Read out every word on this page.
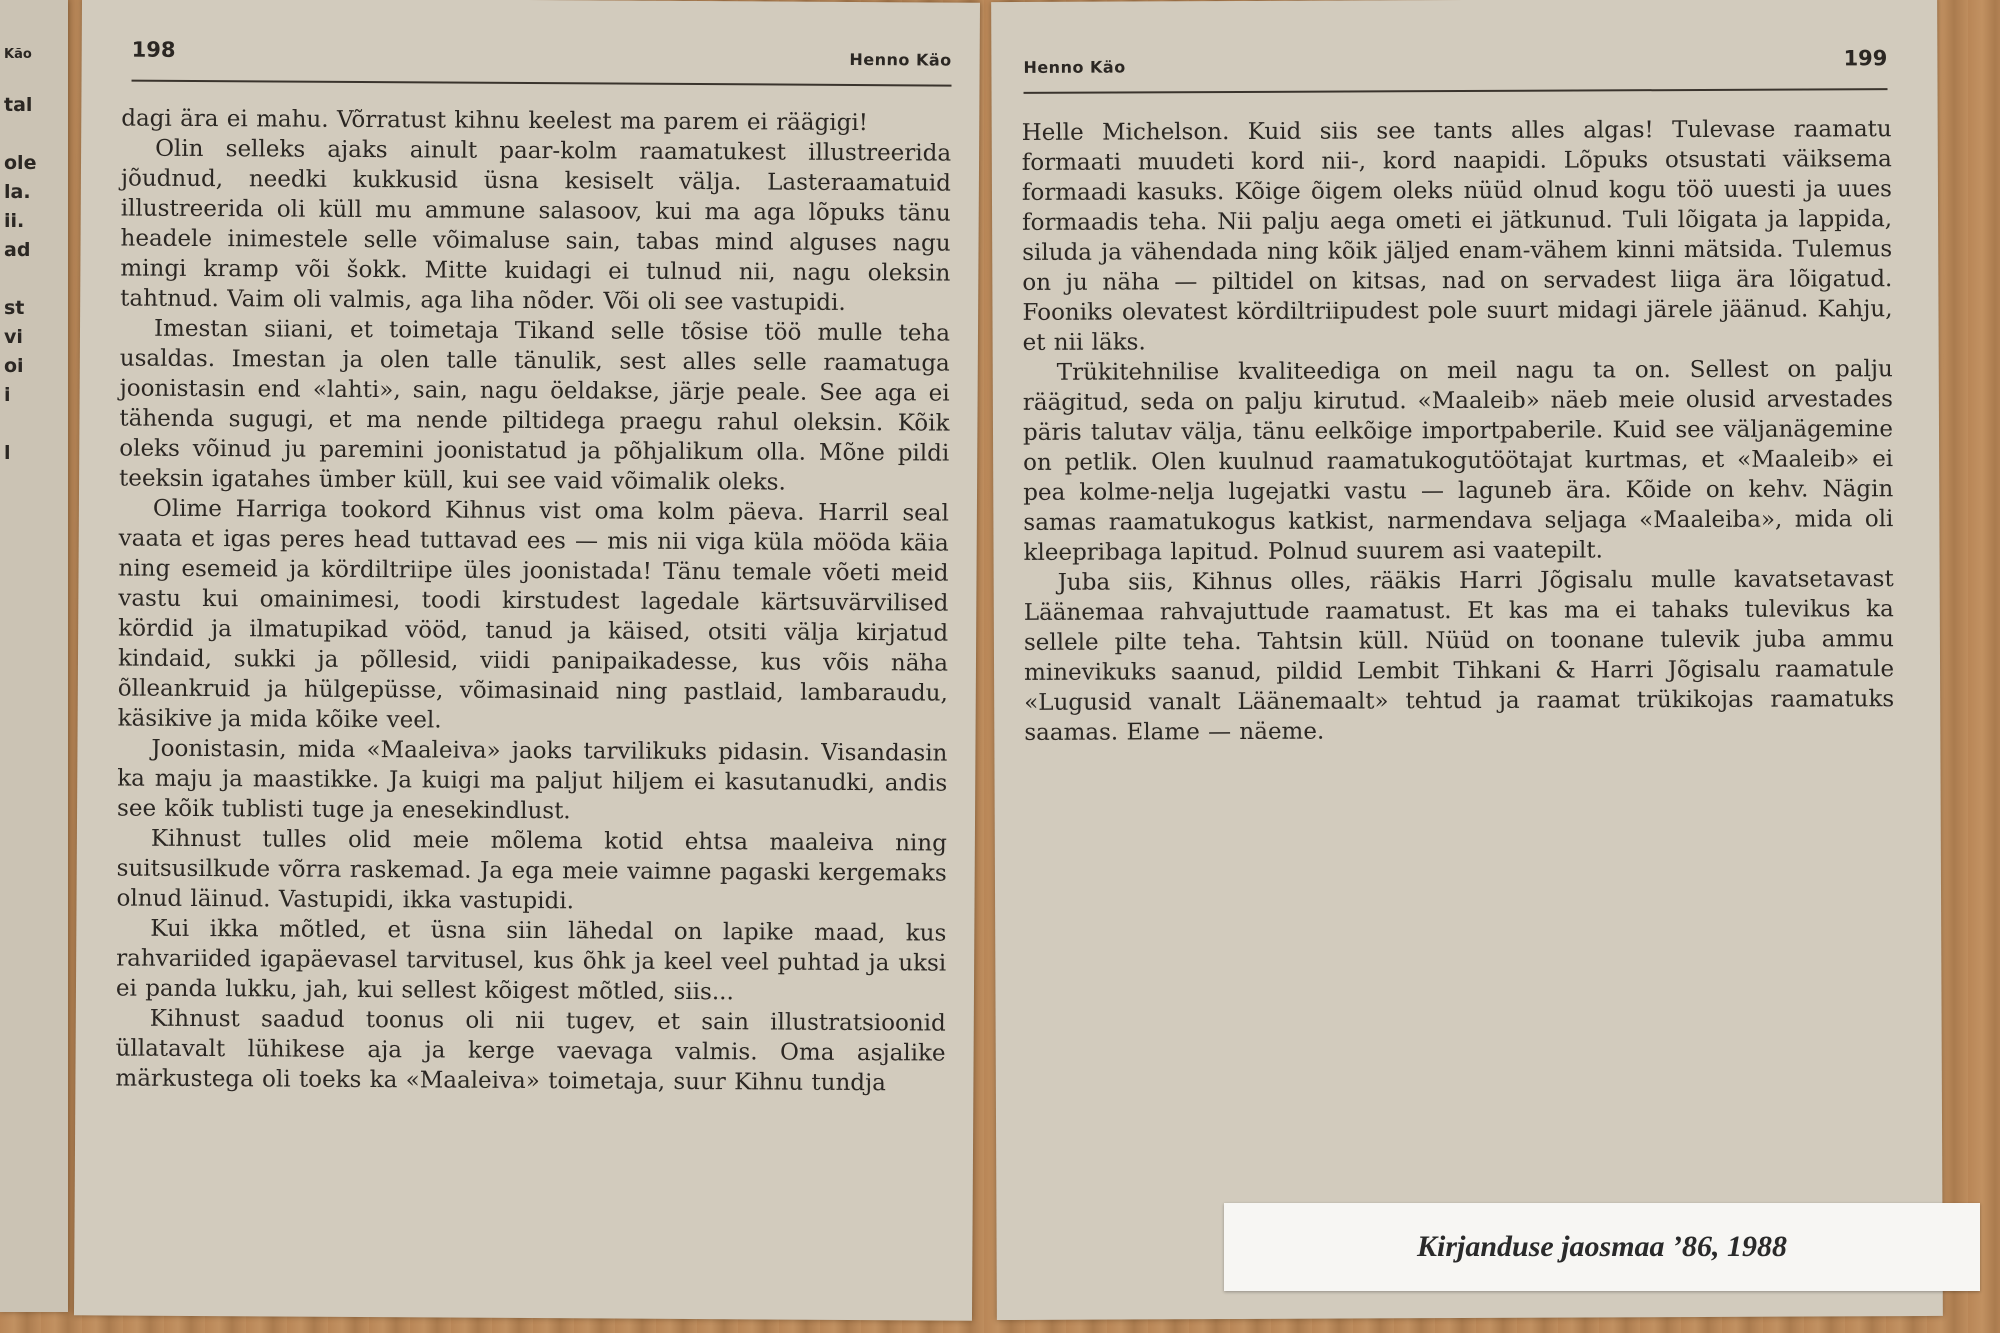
Kão
tal

ole
la.
ii.
ad

st
vi
oi
i

l
198	Henno Käo

dagi ära ei mahu. Võrratust kihnu keelest ma parem ei räägigi!

Olin selleks ajaks ainult paar-kolm raamatukest illustreerida jõudnud, needki kukkusid üsna kesiselt välja. Lasteraamatuid illustreerida oli küll mu ammune salasoov, kui ma aga lõpuks tänu headele inimestele selle võimaluse sain, tabas mind alguses nagu mingi kramp või šokk. Mitte kuidagi ei tulnud nii, nagu oleksin tahtnud. Vaim oli valmis, aga liha nõder. Või oli see vastupidi.

Imestan siiani, et toimetaja Tikand selle tõsise töö mulle teha usaldas. Imestan ja olen talle tänulik, sest alles selle raamatuga joonistasin end «lahti», sain, nagu öeldakse, järje peale. See aga ei tähenda sugugi, et ma nende piltidega praegu rahul oleksin. Kõik oleks võinud ju paremini joonistatud ja põhjalikum olla. Mõne pildi teeksin igatahes ümber küll, kui see vaid võimalik oleks.

Olime Harriga tookord Kihnus vist oma kolm päeva. Harril seal vaata et igas peres head tuttavad ees — mis nii viga küla mööda käia ning esemeid ja kördiltriipe üles joonistada! Tänu temale võeti meid vastu kui omainimesi, toodi kirstudest lagedale kärtsuvärvilised kördid ja ilmatupikad vööd, tanud ja käised, otsiti välja kirjatud kindaid, sukki ja põllesid, viidi panipaikadesse, kus võis näha õlleankruid ja hülgepüsse, võimasinaid ning pastlaid, lambaraudu, käsikive ja mida kõike veel.

Joonistasin, mida «Maaleiva» jaoks tarvilikuks pidasin. Visandasin ka maju ja maastikke. Ja kuigi ma paljut hiljem ei kasutanudki, andis see kõik tublisti tuge ja enesekindlust.

Kihnust tulles olid meie mõlema kotid ehtsa maaleiva ning suitsusilkude võrra raskemad. Ja ega meie vaimne pagaski kergemaks olnud läinud. Vastupidi, ikka vastupidi.

Kui ikka mõtled, et üsna siin lähedal on lapike maad, kus rahvariided igapäevasel tarvitusel, kus õhk ja keel veel puhtad ja uksi ei panda lukku, jah, kui sellest kõigest mõtled, siis...

Kihnust saadud toonus oli nii tugev, et sain illustratsioonid üllatavalt lühikese aja ja kerge vaevaga valmis. Oma asjalike märkustega oli toeks ka «Maaleiva» toimetaja, suur Kihnu tundja

Henno Käo	199

Helle Michelson. Kuid siis see tants alles algas! Tulevase raamatu formaati muudeti kord nii-, kord naapidi. Lõpuks otsustati väiksema formaadi kasuks. Kõige õigem oleks nüüd olnud kogu töö uuesti ja uues formaadis teha. Nii palju aega ometi ei jätkunud. Tuli lõigata ja lappida, siluda ja vähendada ning kõik jäljed enam-vähem kinni mätsida. Tulemus on ju näha — piltidel on kitsas, nad on servadest liiga ära lõigatud. Fooniks olevatest kördiltriipudest pole suurt midagi järele jäänud. Kahju, et nii läks.

Trükitehnilise kvaliteediga on meil nagu ta on. Sellest on palju räägitud, seda on palju kirutud. «Maaleib» näeb meie olusid arvestades päris talutav välja, tänu eelkõige importpaberile. Kuid see väljanägemine on petlik. Olen kuulnud raamatukogutöötajat kurtmas, et «Maaleib» ei pea kolme-nelja lugejatki vastu — lagunеb ära. Kõide on kehv. Nägin samas raamatukogus katkist, narmendava seljaga «Maaleiba», mida oli kleepribaga lapitud. Polnud suurem asi vaatepilt.

Juba siis, Kihnus olles, rääkis Harri Jõgisalu mulle kavatsetavast Läänemaa rahvajuttude raamatust. Et kas ma ei tahaks tulevikus ka sellele pilte teha. Tahtsin küll. Nüüd on toonane tulevik juba ammu minevikuks saanud, pildid Lembit Tihkani & Harri Jõgisalu raamatule «Lugusid vanalt Läänemaalt» tehtud ja raamat trükikojas raamatuks saamas. Elame — näeme.

Kirjanduse jaosmaa ’86, 1988
